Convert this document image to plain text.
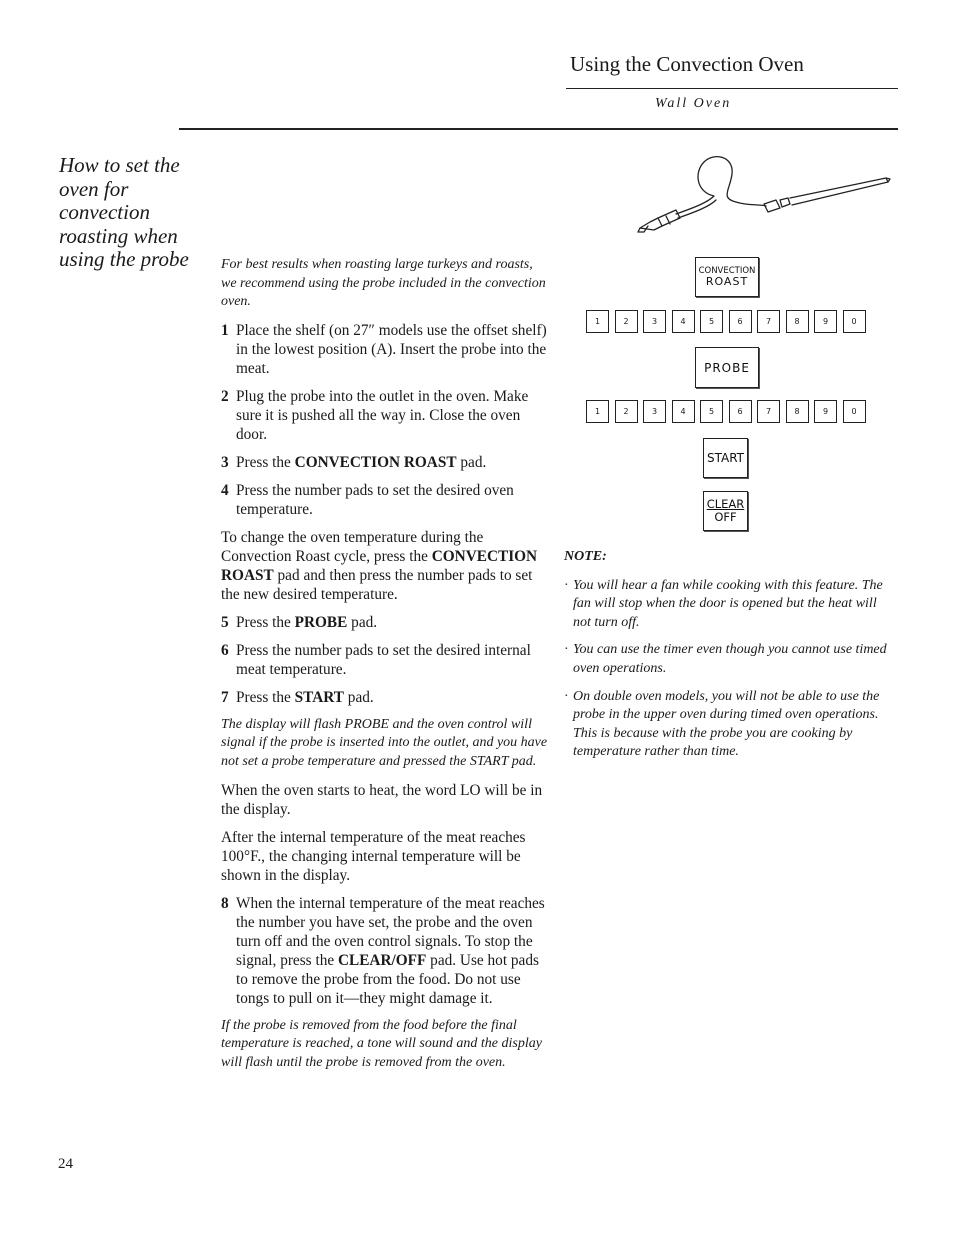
Using the Convection Oven
Wall Oven
How to set the oven for convection roasting when using the probe	For best results when roasting large turkeys and roasts, we recommend using the probe included in the convection oven.

1 Place the shelf (on 27″ models use the offset shelf) in the lowest position (A). Insert the probe into the meat.
2 Plug the probe into the outlet in the oven. Make sure it is pushed all the way in. Close the oven door.
3 Press the CONVECTION ROAST pad.
4 Press the number pads to set the desired oven temperature.

To change the oven temperature during the Convection Roast cycle, press the CONVECTION ROAST pad and then press the number pads to set the new desired temperature.

5 Press the PROBE pad.
6 Press the number pads to set the desired internal meat temperature.
7 Press the START pad.

The display will flash PROBE and the oven control will signal if the probe is inserted into the outlet, and you have not set a probe temperature and pressed the START pad.

When the oven starts to heat, the word LO will be in the display.

After the internal temperature of the meat reaches 100°F., the changing internal temperature will be shown in the display.

8 When the internal temperature of the meat reaches the number you have set, the probe and the oven turn off and the oven control signals. To stop the signal, press the CLEAR/OFF pad. Use hot pads to remove the probe from the food. Do not use tongs to pull on it—they might damage it.

If the probe is removed from the food before the final temperature is reached, a tone will sound and the display will flash until the probe is removed from the oven.

CONVECTION
ROAST
1	2	3	4	5	6	7	8	9	0
PROBE
1	2	3	4	5	6	7	8	9	0
START
CLEAR
OFF
NOTE:
· You will hear a fan while cooking with this feature. The fan will stop when the door is opened but the heat will not turn off.
· You can use the timer even though you cannot use timed oven operations.
· On double oven models, you will not be able to use the probe in the upper oven during timed oven operations. This is because with the probe you are cooking by temperature rather than time.
24
